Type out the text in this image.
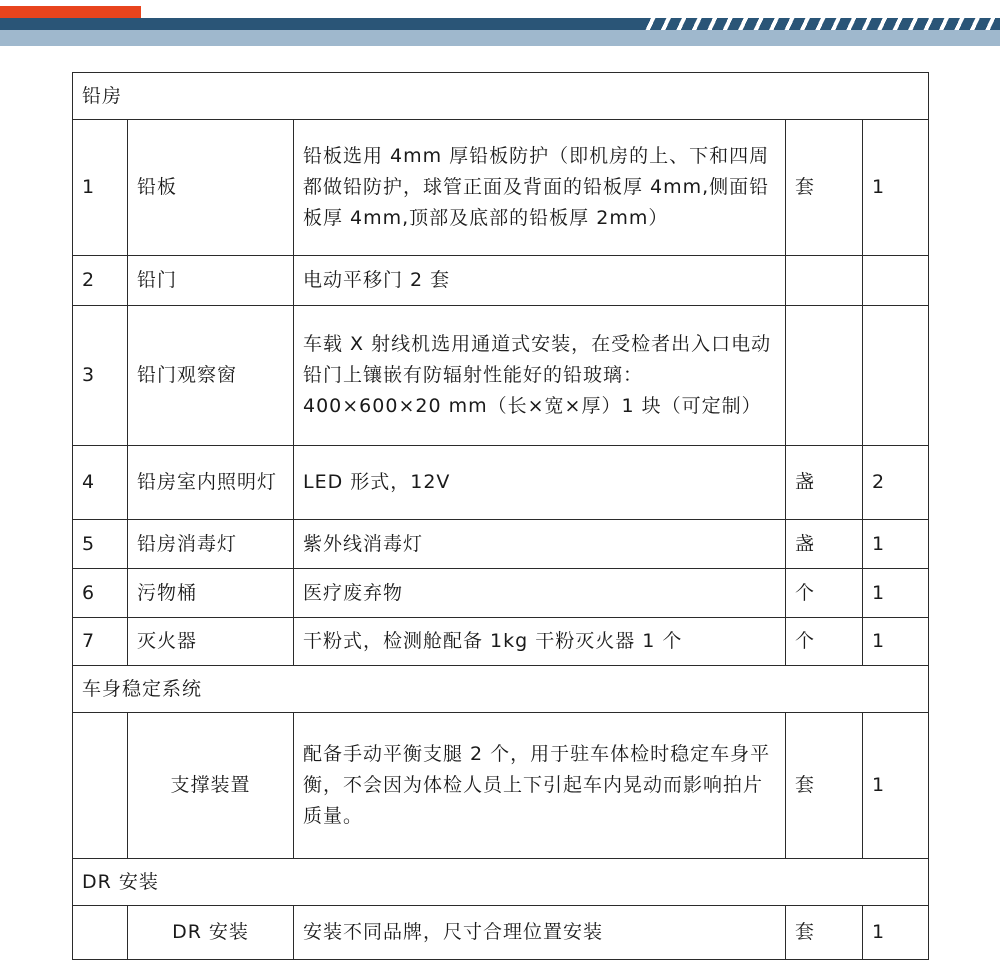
铅房				
1	铅板	铅板选用 4mm 厚铅板防护（即机房的上、下和四周都做铅防护，球管正面及背面的铅板厚 4mm,侧面铅板厚 4mm,顶部及底部的铅板厚 2mm）	套	1
2	铅门	电动平移门 2 套		
3	铅门观察窗	车载 X 射线机选用通道式安装，在受检者出入口电动铅门上镶嵌有防辐射性能好的铅玻璃：400×600×20 mm（长×宽×厚）1 块（可定制）		
4	铅房室内照明灯	LED 形式，12V	盏	2
5	铅房消毒灯	紫外线消毒灯	盏	1
6	污物桶	医疗废弃物	个	1
7	灭火器	干粉式，检测舱配备 1kg 干粉灭火器 1 个	个	1
车身稳定系统				
	支撑装置	配备手动平衡支腿 2 个，用于驻车体检时稳定车身平衡，不会因为体检人员上下引起车内晃动而影响拍片质量。	套	1
DR 安装				
	DR 安装	安装不同品牌，尺寸合理位置安装	套	1
